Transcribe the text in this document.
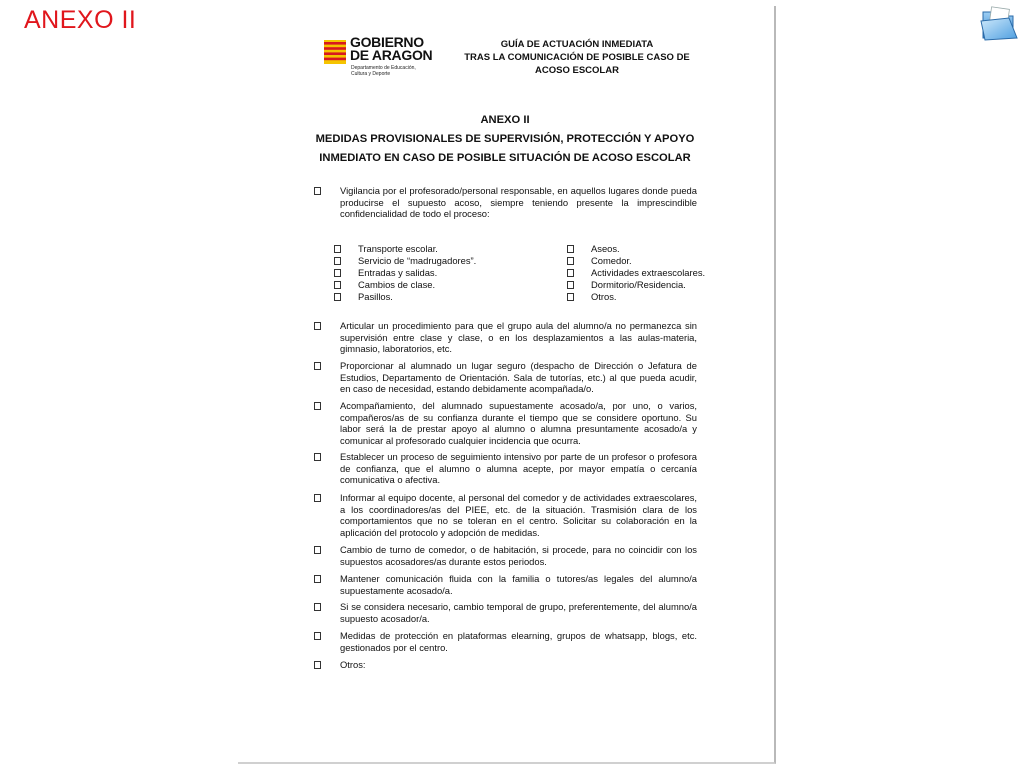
ANEXO II
GOBIERNO
DE ARAGON
Departamento de Educación,
Cultura y Deporte
GUÍA DE ACTUACIÓN INMEDIATA
TRAS LA COMUNICACIÓN DE POSIBLE CASO DE
ACOSO ESCOLAR
ANEXO II
MEDIDAS PROVISIONALES DE SUPERVISIÓN, PROTECCIÓN Y APOYO
INMEDIATO EN CASO DE POSIBLE SITUACIÓN DE ACOSO ESCOLAR
Vigilancia por el profesorado/personal responsable, en aquellos lugares donde pueda producirse el supuesto acoso, siempre teniendo presente la imprescindible confidencialidad de todo el proceso:
Transporte escolar.
Servicio de “madrugadores”.
Entradas y salidas.
Cambios de clase.
Pasillos.
Aseos.
Comedor.
Actividades extraescolares.
Dormitorio/Residencia.
Otros.
Articular un procedimiento para que el grupo aula del alumno/a no permanezca sin supervisión entre clase y clase, o en los desplazamientos a las aulas-materia, gimnasio, laboratorios, etc.
Proporcionar al alumnado un lugar seguro (despacho de Dirección o Jefatura de Estudios, Departamento de Orientación. Sala de tutorías, etc.) al que pueda acudir, en caso de necesidad, estando debidamente acompañada/o.
Acompañamiento, del alumnado supuestamente acosado/a, por uno, o varios, compañeros/as de su confianza durante el tiempo que se considere oportuno. Su labor será la de prestar apoyo al alumno o alumna presuntamente acosado/a y comunicar al profesorado cualquier incidencia que ocurra.
Establecer un proceso de seguimiento intensivo por parte de un profesor o profesora de confianza, que el alumno o alumna acepte, por mayor empatía o cercanía comunicativa o afectiva.
Informar al equipo docente, al personal del comedor y de actividades extraescolares, a los coordinadores/as del PIEE, etc. de la situación. Trasmisión clara de los comportamientos que no se toleran en el centro. Solicitar su colaboración en la aplicación del protocolo y adopción de medidas.
Cambio de turno de comedor, o de habitación, si procede, para no coincidir con los supuestos acosadores/as durante estos periodos.
Mantener comunicación fluida con la familia o tutores/as legales del alumno/a supuestamente acosado/a.
Si se considera necesario, cambio temporal de grupo, preferentemente, del alumno/a supuesto acosador/a.
Medidas de protección en plataformas elearning, grupos de whatsapp, blogs, etc. gestionados por el centro.
Otros:
